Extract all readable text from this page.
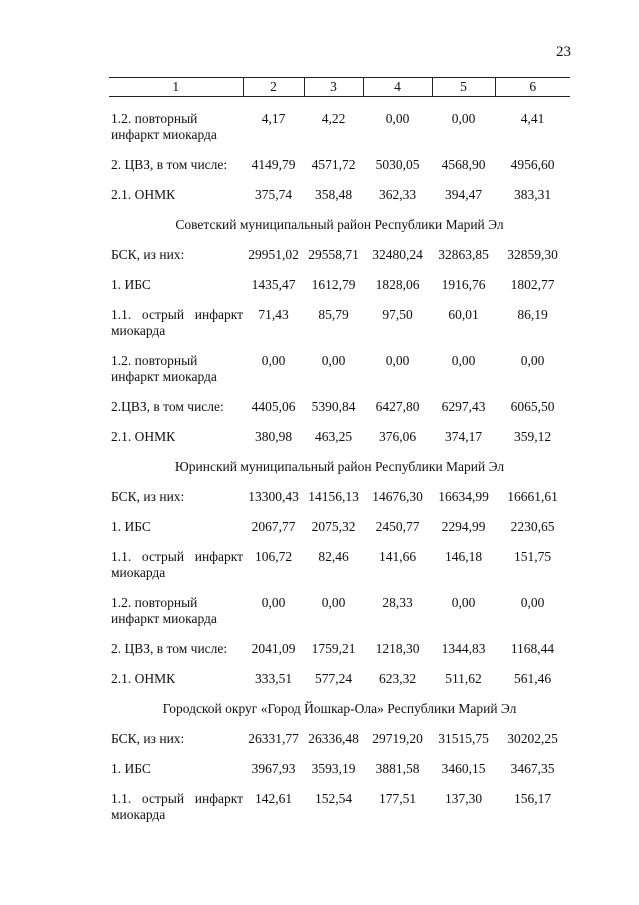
23
1	2	3	4	5	6

1.2. повторный
инфаркт миокарда	4,17	4,22	0,00	0,00	4,41

2. ЦВЗ, в том числе:	4149,79	4571,72	5030,05	4568,90	4956,60

2.1. ОНМК	375,74	358,48	362,33	394,47	383,31
Советский муниципальный район Республики Марий Эл					

БСК, из них:	29951,02	29558,71	32480,24	32863,85	32859,30

1. ИБС	1435,47	1612,79	1828,06	1916,76	1802,77

1.1. острый инфаркт
миокарда	71,43	85,79	97,50	60,01	86,19

1.2. повторный
инфаркт миокарда	0,00	0,00	0,00	0,00	0,00

2.ЦВЗ, в том числе:	4405,06	5390,84	6427,80	6297,43	6065,50

2.1. ОНМК	380,98	463,25	376,06	374,17	359,12
Юринский муниципальный район Республики Марий Эл					

БСК, из них:	13300,43	14156,13	14676,30	16634,99	16661,61

1. ИБС	2067,77	2075,32	2450,77	2294,99	2230,65

1.1. острый инфаркт
миокарда	106,72	82,46	141,66	146,18	151,75

1.2. повторный
инфаркт миокарда	0,00	0,00	28,33	0,00	0,00

2. ЦВЗ, в том числе:	2041,09	1759,21	1218,30	1344,83	1168,44

2.1. ОНМК	333,51	577,24	623,32	511,62	561,46
Городской округ «Город Йошкар-Ола» Республики Марий Эл					

БСК, из них:	26331,77	26336,48	29719,20	31515,75	30202,25

1. ИБС	3967,93	3593,19	3881,58	3460,15	3467,35

1.1. острый инфаркт
миокарда	142,61	152,54	177,51	137,30	156,17
